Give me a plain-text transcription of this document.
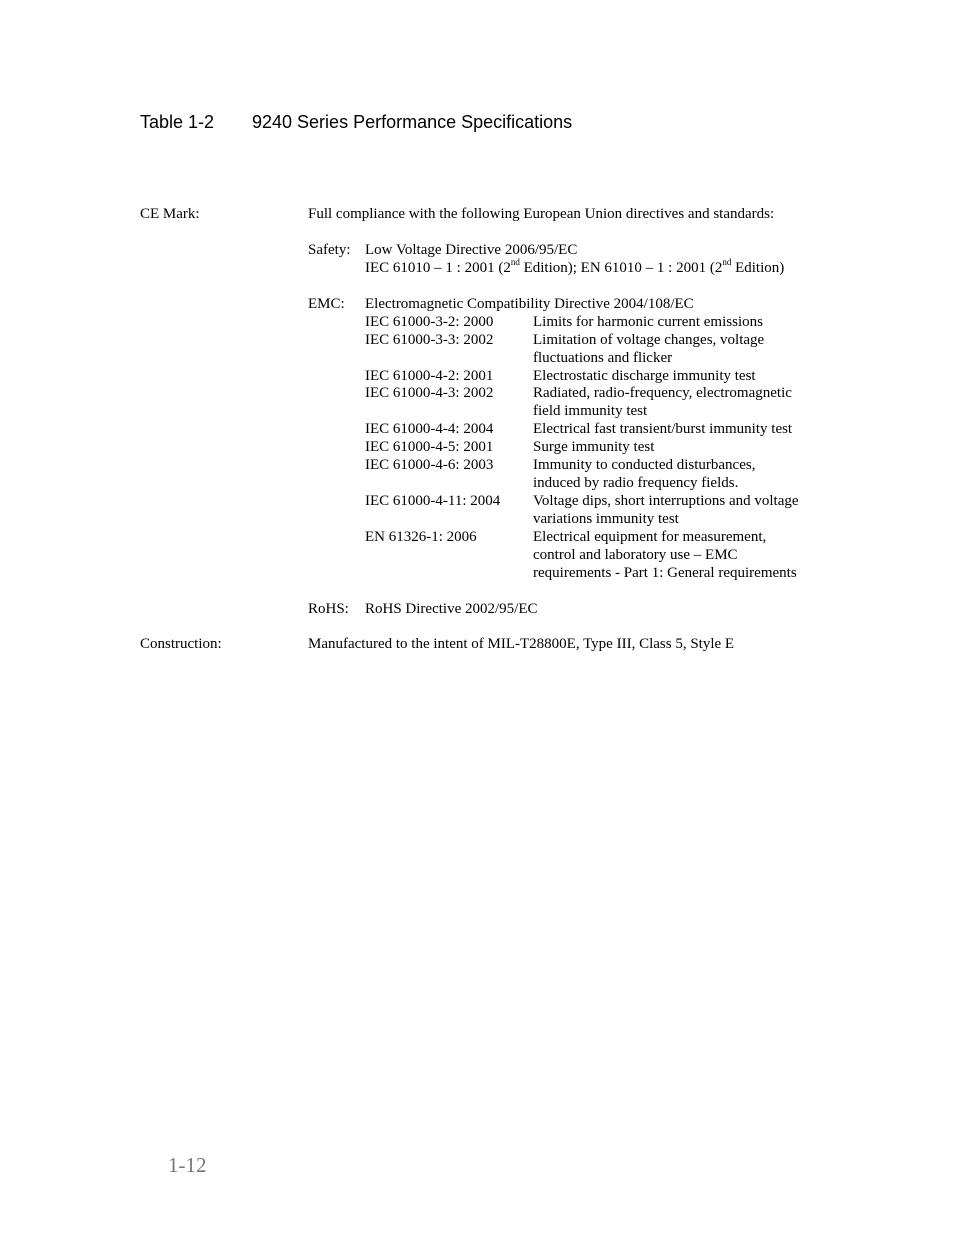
Table 1-2 9240 Series Performance Specifications
CE Mark:	Full compliance with the following European Union directives and standards:
Safety: Low Voltage Directive 2006/95/EC
IEC 61010 – 1 : 2001 (2nd Edition); EN 61010 – 1 : 2001 (2nd Edition)
EMC: Electromagnetic Compatibility Directive 2004/108/EC
IEC 61000-3-2: 2000	Limits for harmonic current emissions
IEC 61000-3-3: 2002	Limitation of voltage changes, voltage
fluctuations and flicker
IEC 61000-4-2: 2001	Electrostatic discharge immunity test
IEC 61000-4-3: 2002	Radiated, radio-frequency, electromagnetic
field immunity test
IEC 61000-4-4: 2004	Electrical fast transient/burst immunity test
IEC 61000-4-5: 2001	Surge immunity test
IEC 61000-4-6: 2003	Immunity to conducted disturbances,
induced by radio frequency fields.
IEC 61000-4-11: 2004 Voltage dips, short interruptions and voltage
variations immunity test
EN 61326-1: 2006	Electrical equipment for measurement,
control and laboratory use – EMC
requirements - Part 1: General requirements
RoHS: RoHS Directive 2002/95/EC
Construction:	Manufactured to the intent of MIL-T28800E, Type III, Class 5, Style E
1-12
